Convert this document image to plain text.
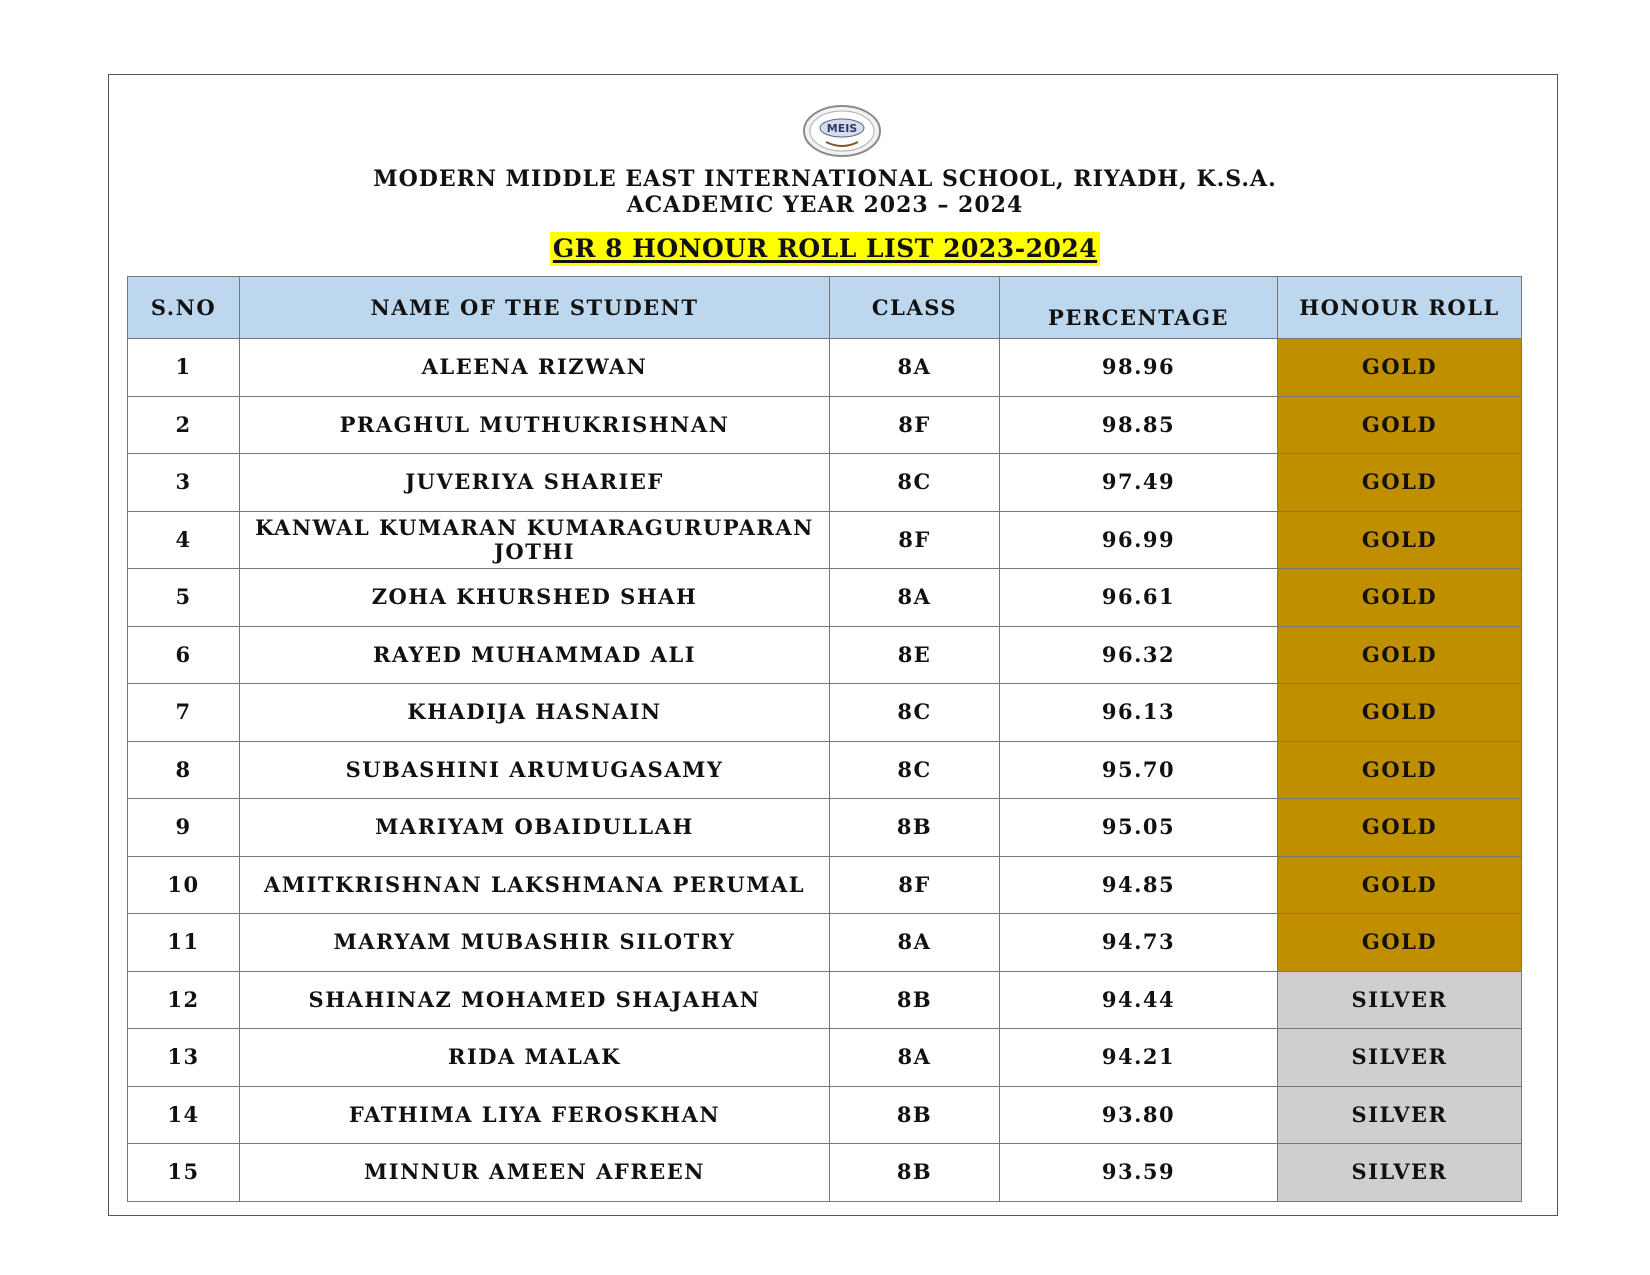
MEIS
MODERN MIDDLE EAST INTERNATIONAL SCHOOL, RIYADH, K.S.A.
ACADEMIC YEAR 2023 – 2024
GR 8 HONOUR ROLL LIST 2023-2024
S.NO	NAME OF THE STUDENT	CLASS	PERCENTAGE	HONOUR ROLL
1	ALEENA RIZWAN	8A	98.96	GOLD
2	PRAGHUL MUTHUKRISHNAN	8F	98.85	GOLD
3	JUVERIYA SHARIEF	8C	97.49	GOLD
4	KANWAL KUMARAN KUMARAGURUPARAN JOTHI	8F	96.99	GOLD
5	ZOHA KHURSHED SHAH	8A	96.61	GOLD
6	RAYED MUHAMMAD ALI	8E	96.32	GOLD
7	KHADIJA HASNAIN	8C	96.13	GOLD
8	SUBASHINI ARUMUGASAMY	8C	95.70	GOLD
9	MARIYAM OBAIDULLAH	8B	95.05	GOLD
10	AMITKRISHNAN LAKSHMANA PERUMAL	8F	94.85	GOLD
11	MARYAM MUBASHIR SILOTRY	8A	94.73	GOLD
12	SHAHINAZ MOHAMED SHAJAHAN	8B	94.44	SILVER
13	RIDA MALAK	8A	94.21	SILVER
14	FATHIMA LIYA FEROSKHAN	8B	93.80	SILVER
15	MINNUR AMEEN AFREEN	8B	93.59	SILVER
